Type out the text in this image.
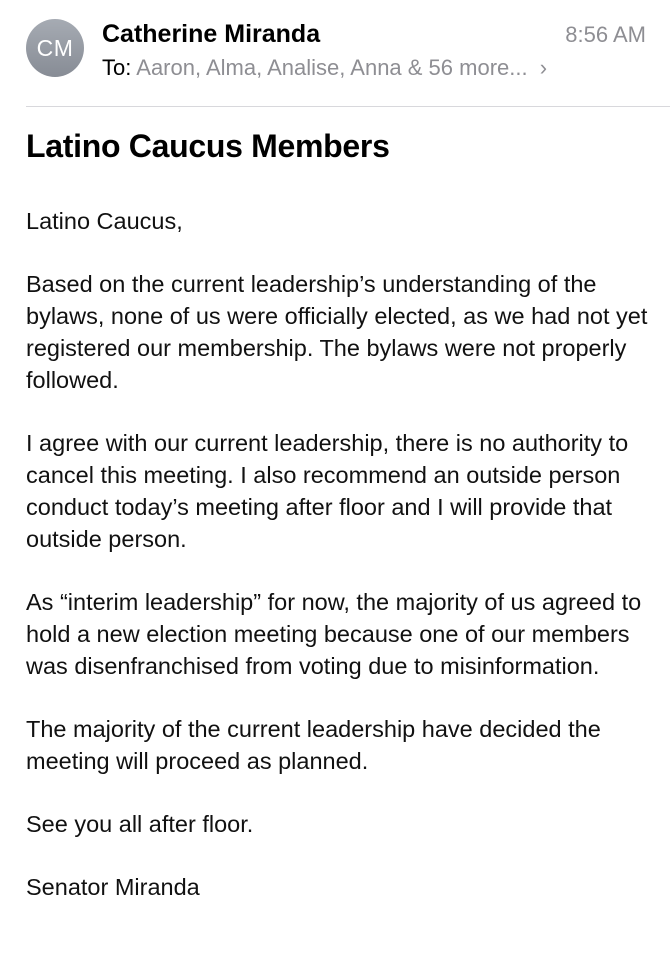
CM	Catherine Miranda	8:56 AM
To: Aaron, Alma, Analise, Anna & 56 more... ›
Latino Caucus Members

Latino Caucus,

Based on the current leadership’s understanding of the bylaws, none of us were officially elected, as we had not yet registered our membership. The bylaws were not properly followed.

I agree with our current leadership, there is no authority to cancel this meeting. I also recommend an outside person conduct today’s meeting after floor and I will provide that outside person.

As “interim leadership” for now, the majority of us agreed to hold a new election meeting because one of our members was disenfranchised from voting due to misinformation.

The majority of the current leadership have decided the meeting will proceed as planned.

See you all after floor.

Senator Miranda
